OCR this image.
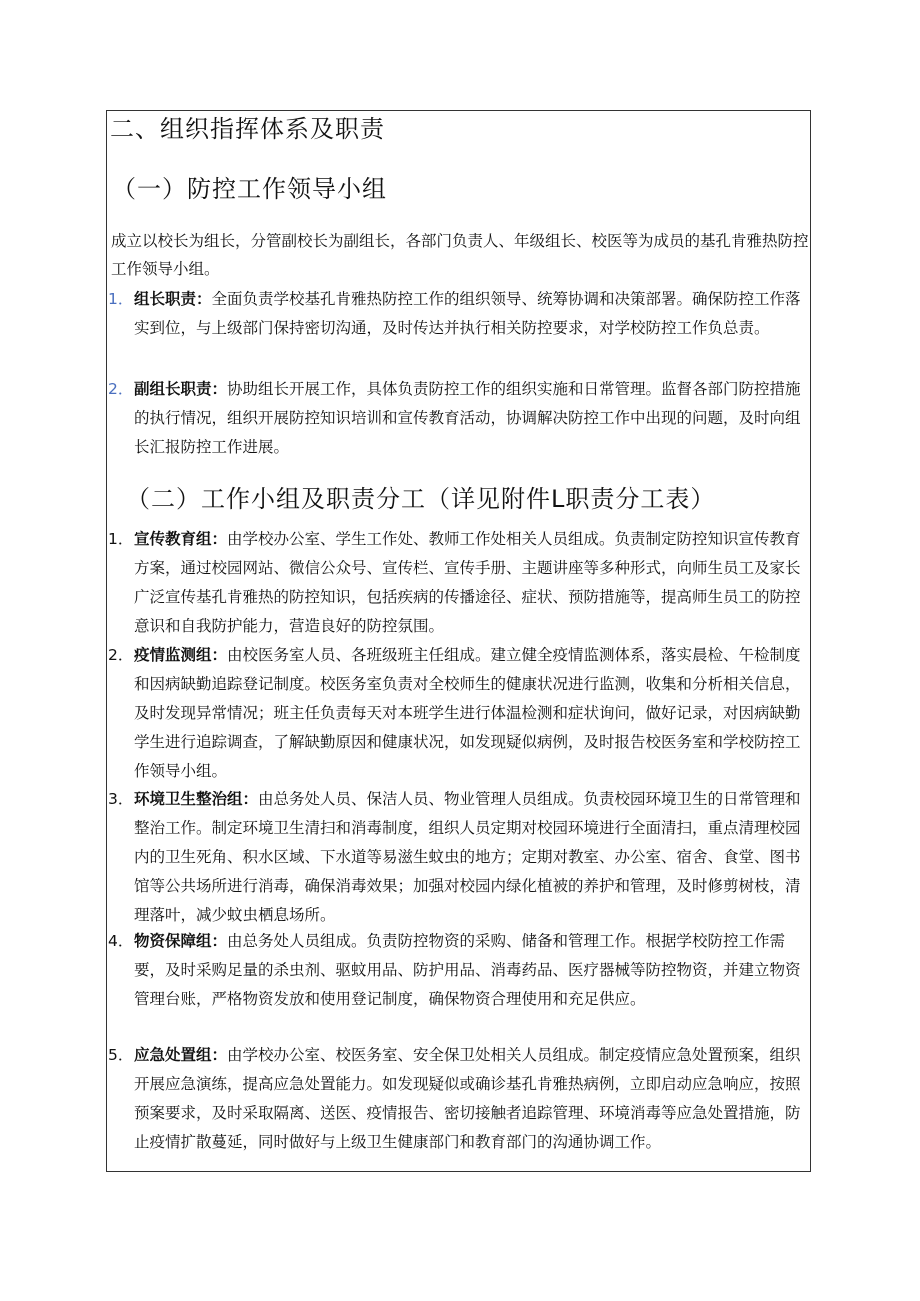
二、组织指挥体系及职责
（一）防控工作领导小组
成立以校长为组长，分管副校长为副组长，各部门负责人、年级组长、校医等为成员的基孔肯雅热防控工作领导小组。
1． 组长职责：全面负责学校基孔肯雅热防控工作的组织领导、统筹协调和决策部署。确保防控工作落实到位，与上级部门保持密切沟通，及时传达并执行相关防控要求，对学校防控工作负总责。
2． 副组长职责：协助组长开展工作，具体负责防控工作的组织实施和日常管理。监督各部门防控措施的执行情况，组织开展防控知识培训和宣传教育活动，协调解决防控工作中出现的问题，及时向组长汇报防控工作进展。
（二）工作小组及职责分工（详见附件L职责分工表）
1． 宣传教育组：由学校办公室、学生工作处、教师工作处相关人员组成。负责制定防控知识宣传教育方案，通过校园网站、微信公众号、宣传栏、宣传手册、主题讲座等多种形式，向师生员工及家长广泛宣传基孔肯雅热的防控知识，包括疾病的传播途径、症状、预防措施等，提高师生员工的防控意识和自我防护能力，营造良好的防控氛围。
2． 疫情监测组：由校医务室人员、各班级班主任组成。建立健全疫情监测体系，落实晨检、午检制度和因病缺勤追踪登记制度。校医务室负责对全校师生的健康状况进行监测，收集和分析相关信息，及时发现异常情况；班主任负责每天对本班学生进行体温检测和症状询问，做好记录，对因病缺勤学生进行追踪调查，了解缺勤原因和健康状况，如发现疑似病例，及时报告校医务室和学校防控工作领导小组。
3． 环境卫生整治组：由总务处人员、保洁人员、物业管理人员组成。负责校园环境卫生的日常管理和整治工作。制定环境卫生清扫和消毒制度，组织人员定期对校园环境进行全面清扫，重点清理校园内的卫生死角、积水区域、下水道等易滋生蚊虫的地方；定期对教室、办公室、宿舍、食堂、图书馆等公共场所进行消毒，确保消毒效果；加强对校园内绿化植被的养护和管理，及时修剪树枝，清理落叶，减少蚊虫栖息场所。
4． 物资保障组：由总务处人员组成。负责防控物资的采购、储备和管理工作。根据学校防控工作需要，及时采购足量的杀虫剂、驱蚊用品、防护用品、消毒药品、医疗器械等防控物资，并建立物资管理台账，严格物资发放和使用登记制度，确保物资合理使用和充足供应。
5． 应急处置组：由学校办公室、校医务室、安全保卫处相关人员组成。制定疫情应急处置预案，组织开展应急演练，提高应急处置能力。如发现疑似或确诊基孔肯雅热病例，立即启动应急响应，按照预案要求，及时采取隔离、送医、疫情报告、密切接触者追踪管理、环境消毒等应急处置措施，防止疫情扩散蔓延，同时做好与上级卫生健康部门和教育部门的沟通协调工作。
